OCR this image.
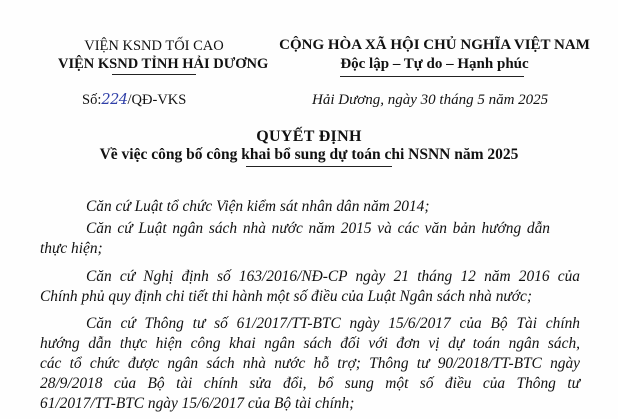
VIỆN KSND TỐI CAO
VIỆN KSND TỈNH HẢI DƯƠNG
CỘNG HÒA XÃ HỘI CHỦ NGHĨA VIỆT NAM
Độc lập – Tự do – Hạnh phúc
Số:224/QĐ-VKS	Hải Dương, ngày 30 tháng 5 năm 2025
QUYẾT ĐỊNH
Về việc công bố công khai bổ sung dự toán chi NSNN năm 2025
Căn cứ Luật tổ chức Viện kiểm sát nhân dân năm 2014;
Căn cứ Luật ngân sách nhà nước năm 2015 và các văn bản hướng dẫn
thực hiện;
Căn cứ Nghị định số 163/2016/NĐ-CP ngày 21 tháng 12 năm 2016 của
Chính phủ quy định chi tiết thi hành một số điều của Luật Ngân sách nhà nước;
Căn cứ Thông tư số 61/2017/TT-BTC ngày 15/6/2017 của Bộ Tài chính
hướng dẫn thực hiện công khai ngân sách đối với đơn vị dự toán ngân sách,
các tổ chức được ngân sách nhà nước hỗ trợ; Thông tư 90/2018/TT-BTC ngày
28/9/2018 của Bộ tài chính sửa đổi, bổ sung một số điều của Thông tư
61/2017/TT-BTC ngày 15/6/2017 của Bộ tài chính;
